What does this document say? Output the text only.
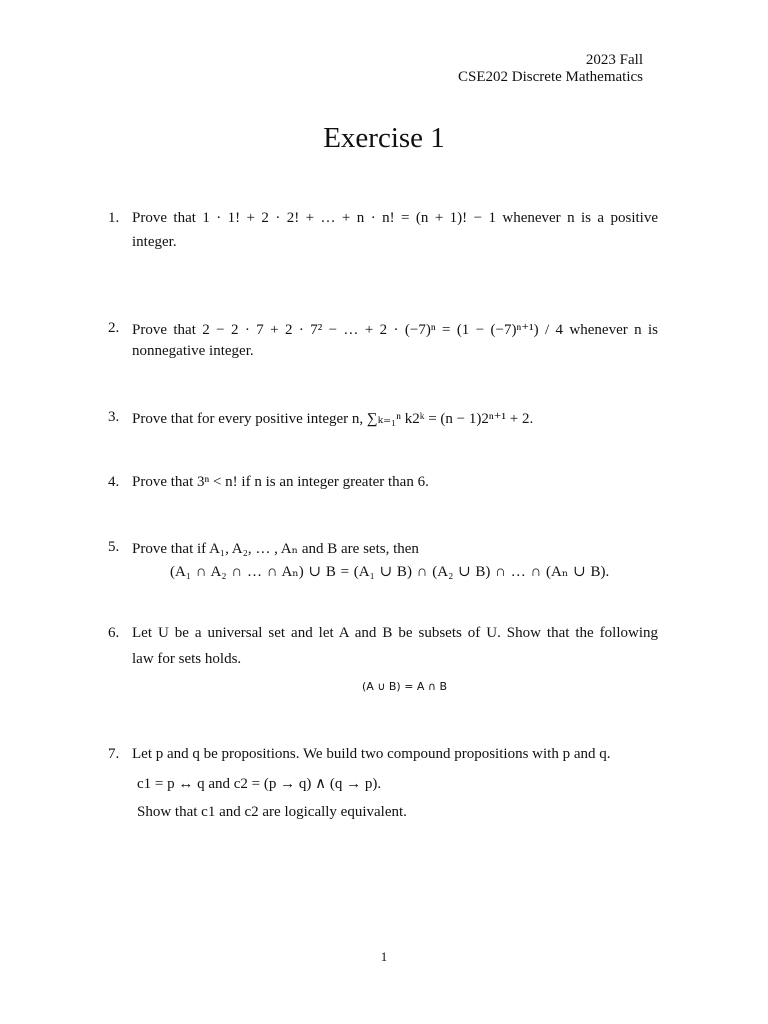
2023 Fall
CSE202 Discrete Mathematics
Exercise 1
1. Prove that 1 · 1! + 2 · 2! + … + n · n! = (n + 1)! − 1 whenever n is a positive
integer.
2. Prove that 2 − 2 · 7 + 2 · 7² − … + 2 · (−7)ⁿ = (1 − (−7)ⁿ⁺¹) / 4 whenever n is
nonnegative integer.
3. Prove that for every positive integer n, ∑ₖ₌₁ⁿ k2ᵏ = (n − 1)2ⁿ⁺¹ + 2.
4. Prove that 3ⁿ < n! if n is an integer greater than 6.
5. Prove that if A₁, A₂, … , Aₙ and B are sets, then
(A₁ ∩ A₂ ∩ … ∩ Aₙ) ∪ B = (A₁ ∪ B) ∩ (A₂ ∪ B) ∩ … ∩ (Aₙ ∪ B).
6. Let U be a universal set and let A and B be subsets of U. Show that the following
law for sets holds.
(A ∪ B) = A ∩ B
7. Let p and q be propositions. We build two compound propositions with p and q.
c1 = p ↔ q and c2 = (p → q) ∧ (q → p).
Show that c1 and c2 are logically equivalent.
1
